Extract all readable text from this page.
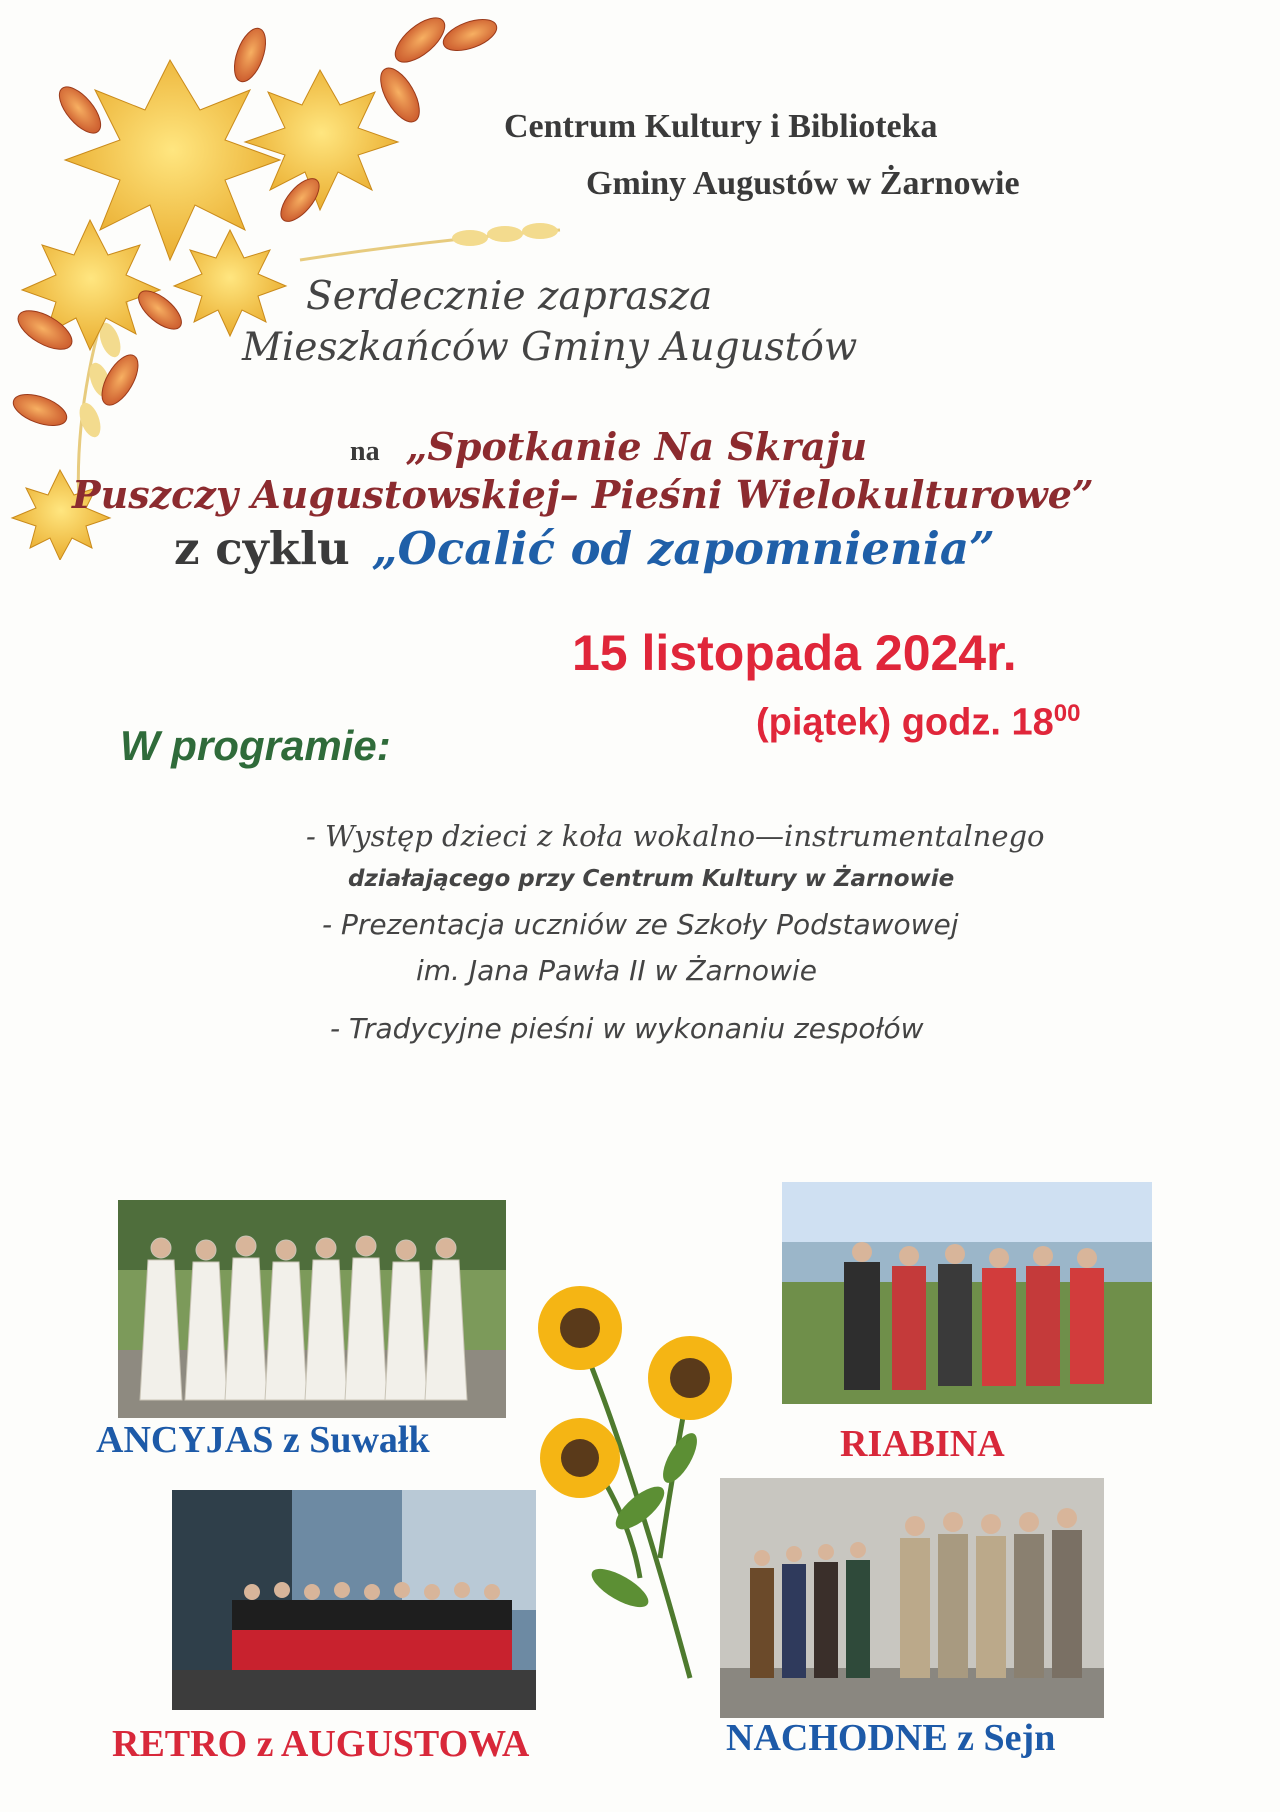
Centrum Kultury i Biblioteka
Gminy Augustów w Żarnowie
Serdecznie zaprasza
Mieszkańców Gminy Augustów
na „Spotkanie Na Skraju
Puszczy Augustowskiej– Pieśni Wielokulturowe”
z cyklu „Ocalić od zapomnienia”
15 listopada 2024r.
(piątek) godz. $18^{00}$
W programie:
- Występ dzieci z koła wokalno—instrumentalnego
działającego przy Centrum Kultury w Żarnowie
- Prezentacja uczniów ze Szkoły Podstawowej
im. Jana Pawła II w Żarnowie
- Tradycyjne pieśni w wykonaniu zespołów
ANCYJAS z Suwałk	RIABINA
RETRO z AUGUSTOWA	NACHODNE z Sejn
